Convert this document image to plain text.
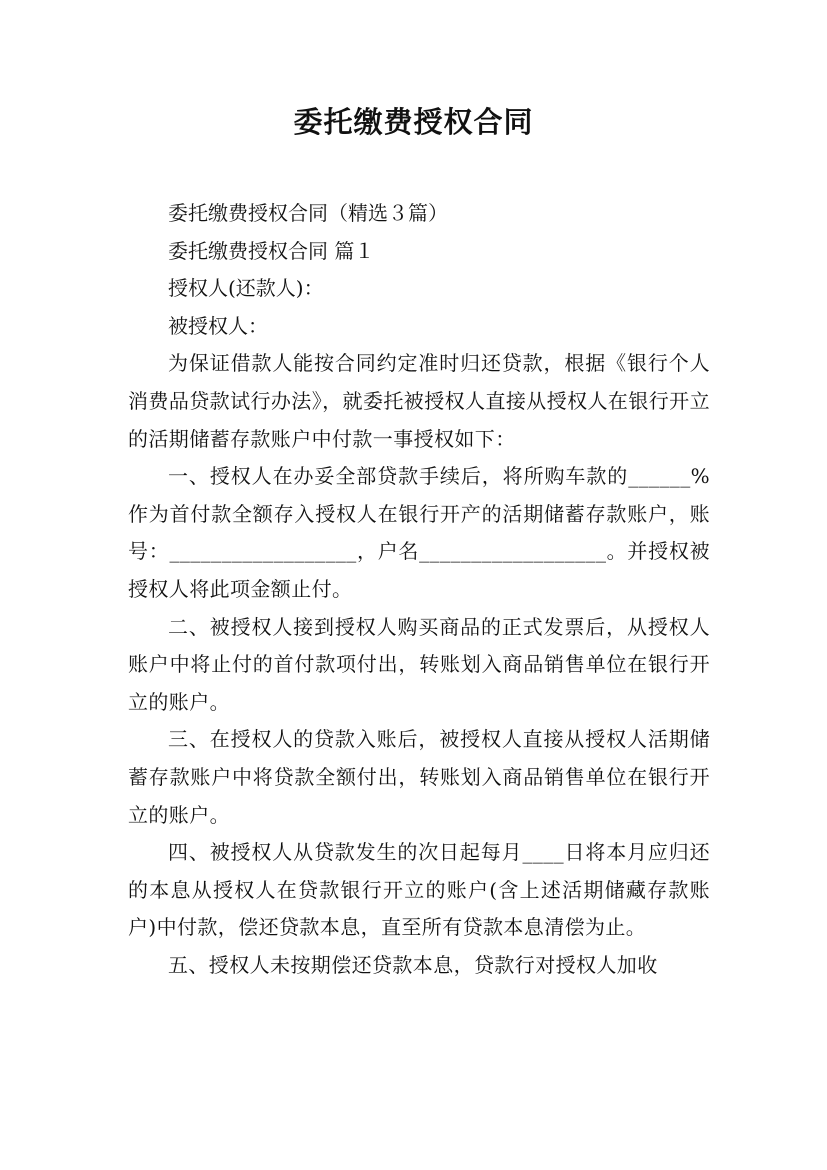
委托缴费授权合同

委托缴费授权合同（精选３篇）

委托缴费授权合同 篇１

授权人(还款人)：

被授权人：

为保证借款人能按合同约定准时归还贷款，根据《银行个人消费品贷款试行办法》，就委托被授权人直接从授权人在银行开立的活期储蓄存款账户中付款一事授权如下：

一、授权人在办妥全部贷款手续后，将所购车款的______%作为首付款全额存入授权人在银行开产的活期储蓄存款账户，账号：__________________，户名__________________。并授权被授权人将此项金额止付。

二、被授权人接到授权人购买商品的正式发票后，从授权人账户中将止付的首付款项付出，转账划入商品销售单位在银行开立的账户。

三、在授权人的贷款入账后，被授权人直接从授权人活期储蓄存款账户中将贷款全额付出，转账划入商品销售单位在银行开立的账户。

四、被授权人从贷款发生的次日起每月____日将本月应归还的本息从授权人在贷款银行开立的账户(含上述活期储藏存款账户)中付款，偿还贷款本息，直至所有贷款本息清偿为止。

五、授权人未按期偿还贷款本息，贷款行对授权人加收
